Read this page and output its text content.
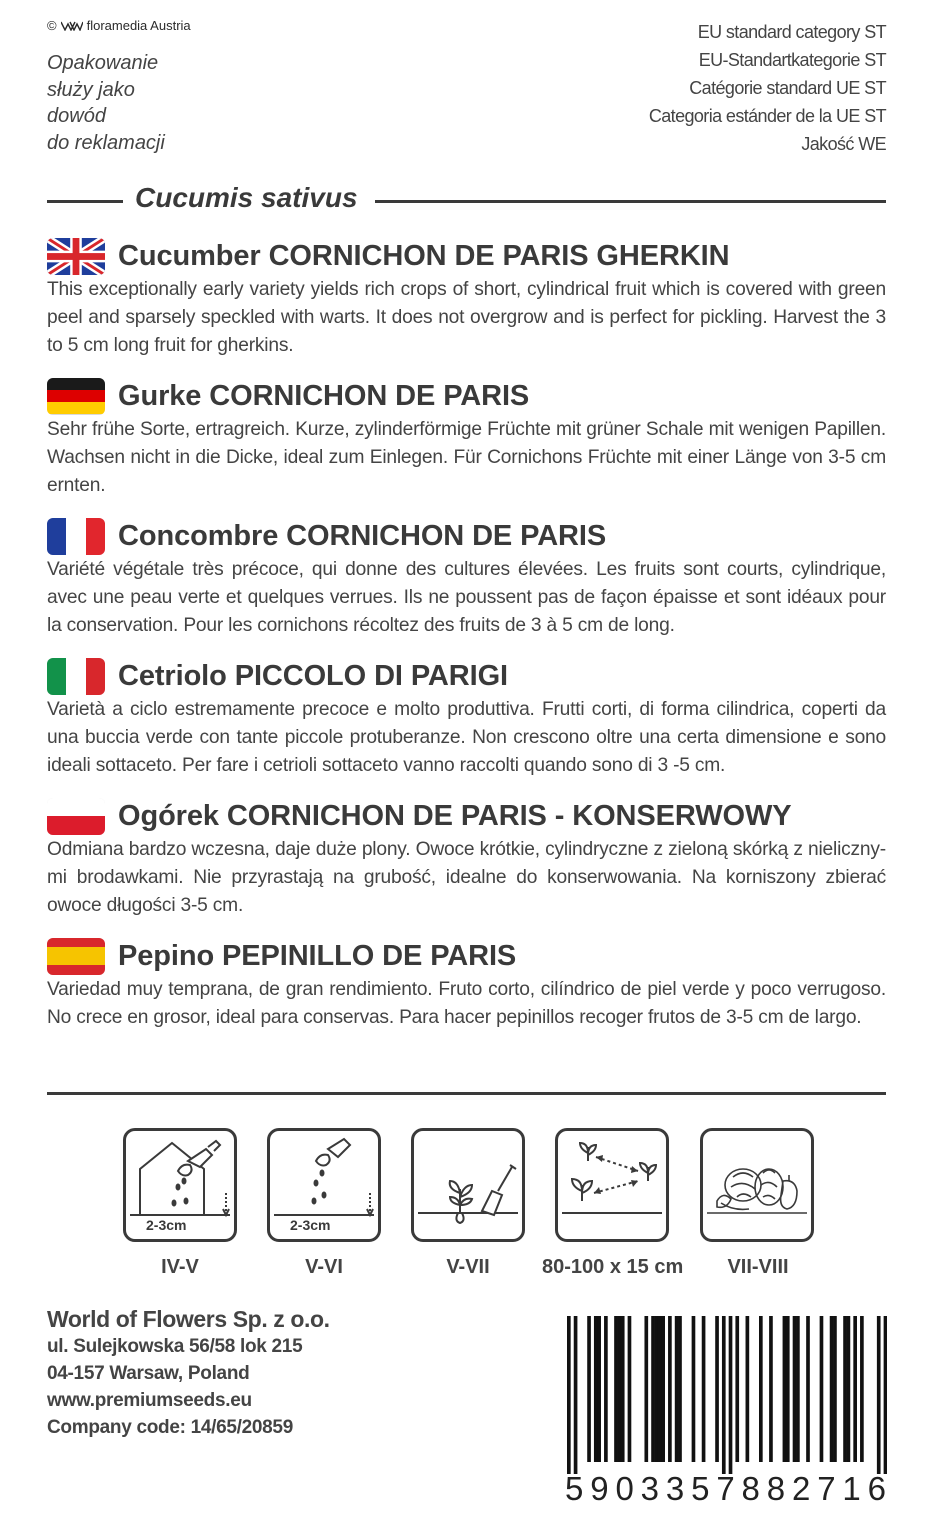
© floramedia Austria
Opakowanie
służy jako
dowód
do reklamacji
EU standard category ST
EU-Standartkategorie ST
Catégorie standard UE ST
Categoria estánder de la UE ST
Jakość WE
Cucumis sativus
Cucumber CORNICHON DE PARIS GHERKIN
This exceptionally early variety yields rich crops of short, cylindrical fruit which is covered with green peel and sparsely speckled with warts. It does not overgrow and is perfect for pickling. Harvest the 3 to 5 cm long fruit for gherkins.
Gurke CORNICHON DE PARIS
Sehr frühe Sorte, ertragreich. Kurze, zylinderförmige Früchte mit grüner Schale mit wenigen Papillen. Wachsen nicht in die Dicke, ideal zum Einlegen. Für Cornichons Früchte mit einer Länge von 3-5 cm ernten.
Concombre CORNICHON DE PARIS
Variété végétale très précoce, qui donne des cultures élevées. Les fruits sont courts, cylindrique, avec une peau verte et quelques verrues. Ils ne poussent pas de façon épaisse et sont idéaux pour la conservation. Pour les cornichons récoltez des fruits de 3 à 5 cm de long.
Cetriolo PICCOLO DI PARIGI
Varietà a ciclo estremamente precoce e molto produttiva. Frutti corti, di forma cilindrica, coperti da una buccia verde con tante piccole protuberanze. Non crescono oltre una certa dimensione e sono ideali sottaceto. Per fare i cetrioli sottaceto vanno raccolti quando sono di 3 -5 cm.
Ogórek CORNICHON DE PARIS - KONSERWOWY
Odmiana bardzo wczesna, daje duże plony. Owoce krótkie, cylindryczne z zieloną skórką z nieliczny-mi brodawkami. Nie przyrastają na grubość, idealne do konserwowania. Na korniszony zbierać owoce długości 3-5 cm.
Pepino PEPINILLO DE PARIS
Variedad muy temprana, de gran rendimiento. Fruto corto, cilíndrico de piel verde y poco verrugoso. No crece en grosor, ideal para conservas. Para hacer pepinillos recoger frutos de 3-5 cm de largo.
2-3cm
IV-V
2-3cm
V-VI	V-VII	80-100 x 15 cm	VII-VIII
World of Flowers Sp. z o.o.
ul. Sulejkowska 56/58 lok 215
04-157 Warsaw, Poland
www.premiumseeds.eu
Company code: 14/65/20859
5 9 0 3 3 5 7 8 8 2 7 1 6
